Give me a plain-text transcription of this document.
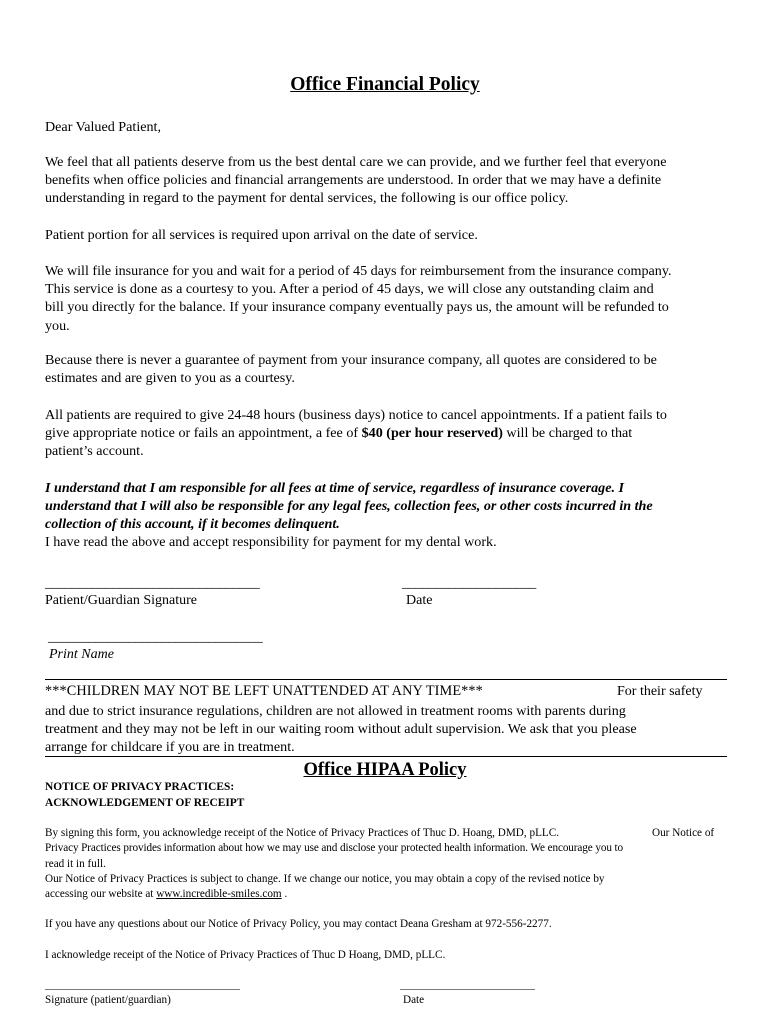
Office Financial Policy
Dear Valued Patient,

We feel that all patients deserve from us the best dental care we can provide, and we further feel that everyone

benefits when office policies and financial arrangements are understood. In order that we may have a definite

understanding in regard to the payment for dental services, the following is our office policy.

Patient portion for all services is required upon arrival on the date of service.

We will file insurance for you and wait for a period of 45 days for reimbursement from the insurance company.

This service is done as a courtesy to you. After a period of 45 days, we will close any outstanding claim and

bill you directly for the balance. If your insurance company eventually pays us, the amount will be refunded to

you.

Because there is never a guarantee of payment from your insurance company, all quotes are considered to be

estimates and are given to you as a courtesy.

All patients are required to give 24-48 hours (business days) notice to cancel appointments. If a patient fails to

give appropriate notice or fails an appointment, a fee of $40 (per hour reserved) will be charged to that

patient’s account.

I understand that I am responsible for all fees at time of service, regardless of insurance coverage. I

understand that I will also be responsible for any legal fees, collection fees, or other costs incurred in the

collection of this account, if it becomes delinquent.

I have read the above and accept responsibility for payment for my dental work.
________________________________	____________________
Patient/Guardian Signature	Date
________________________________
Print Name
***CHILDREN MAY NOT BE LEFT UNATTENDED AT ANY TIME***	For their safety

and due to strict insurance regulations, children are not allowed in treatment rooms with parents during

treatment and they may not be left in our waiting room without adult supervision. We ask that you please

arrange for childcare if you are in treatment.

Office HIPAA Policy
NOTICE OF PRIVACY PRACTICES:
ACKNOWLEDGEMENT OF RECEIPT
By signing this form, you acknowledge receipt of the Notice of Privacy Practices of Thuc D. Hoang, DMD, pLLC.	Our Notice of
Privacy Practices provides information about how we may use and disclose your protected health information. We encourage you to
read it in full.
Our Notice of Privacy Practices is subject to change. If we change our notice, you may obtain a copy of the revised notice by
accessing our website at www.incredible-smiles.com .
If you have any questions about our Notice of Privacy Policy, you may contact Deana Gresham at 972-556-2277.
I acknowledge receipt of the Notice of Privacy Practices of Thuc D Hoang, DMD, pLLC.
_______________________________________	___________________________
Signature (patient/guardian)	Date
